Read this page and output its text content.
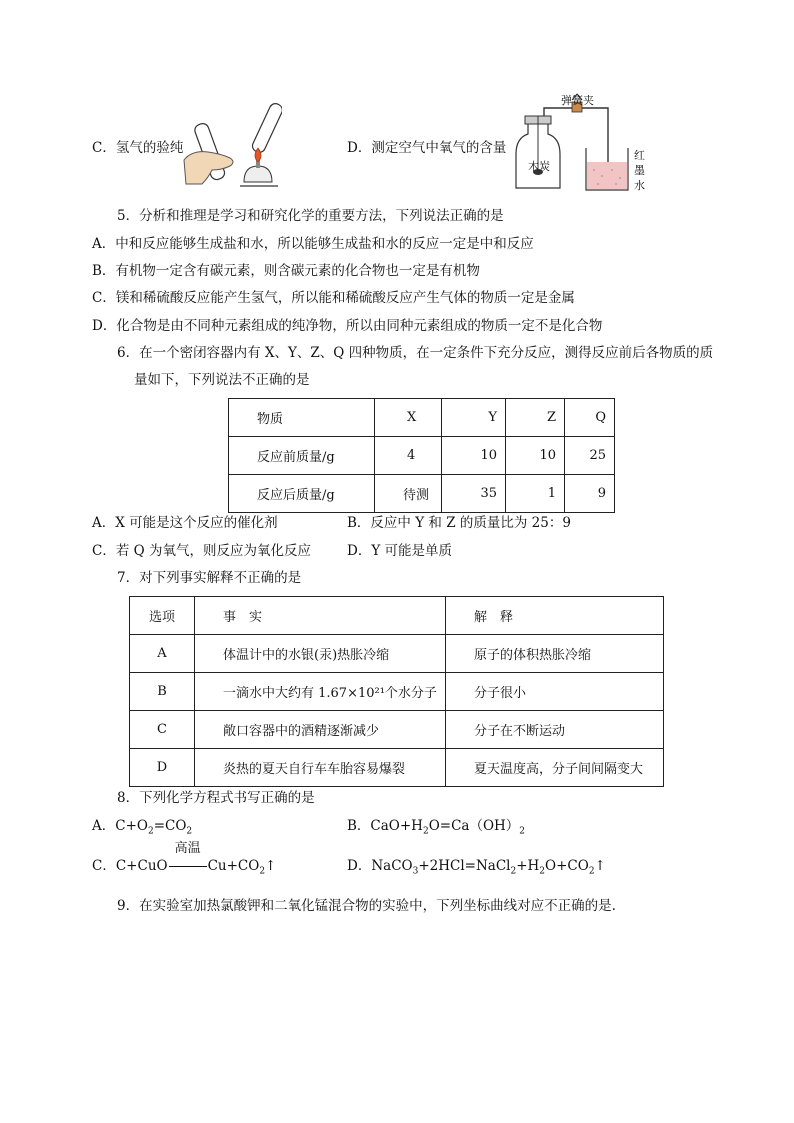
C．氢气的验纯	D．测定空气中氧气的含量
弹簧夹
木炭
红
墨
水
5．分析和推理是学习和研究化学的重要方法，下列说法正确的是
A．中和反应能够生成盐和水，所以能够生成盐和水的反应一定是中和反应
B．有机物一定含有碳元素，则含碳元素的化合物也一定是有机物
C．镁和稀硫酸反应能产生氢气，所以能和稀硫酸反应产生气体的物质一定是金属
D．化合物是由不同种元素组成的纯净物，所以由同种元素组成的物质一定不是化合物
6．在一个密闭容器内有 X、Y、Z、Q 四种物质，在一定条件下充分反应，测得反应前后各物质的质
量如下，下列说法不正确的是
物质	X	Y	Z	Q
反应前质量/g	4	10	10	25
反应后质量/g	待测	35	1	9
A．X 可能是这个反应的催化剂	B．反应中 Y 和 Z 的质量比为 25：9
C．若 Q 为氧气，则反应为氧化反应	D．Y 可能是单质
7．对下列事实解释不正确的是
选项	事　实	解　释
A	体温计中的水银(汞)热胀冷缩	原子的体积热胀冷缩
B	一滴水中大约有 1.67×10²¹个水分子	分子很小
C	敞口容器中的酒精逐渐减少	分子在不断运动
D	炎热的夏天自行车车胎容易爆裂	夏天温度高，分子间间隔变大
8．下列化学方程式书写正确的是
A．$C+O_2=CO_2$	B．$CaO+H_2O=Ca(OH)_2$
C．C+CuO
高温
$Cu+CO_2↑$	D．$NaCO_3+2HCl=NaCl_2+H_2O+CO_2↑$
9．在实验室加热氯酸钾和二氧化锰混合物的实验中，下列坐标曲线对应不正确的是.
